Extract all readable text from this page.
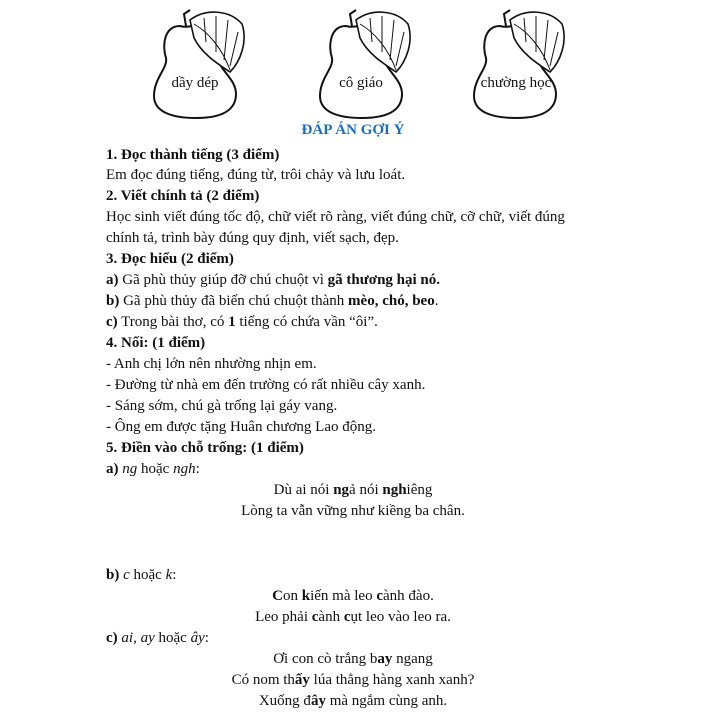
dầy dép	cô giáo	chường học
ĐÁP ÁN GỢI Ý
1. Đọc thành tiếng (3 điểm)
Em đọc đúng tiếng, đúng từ, trôi chảy và lưu loát.
2. Viết chính tả (2 điểm)
Học sinh viết đúng tốc độ, chữ viết rõ ràng, viết đúng chữ, cỡ chữ, viết đúng
chính tả, trình bày đúng quy định, viết sạch, đẹp.
3. Đọc hiểu (2 điểm)
a) Gã phù thủy giúp đỡ chú chuột vì gã thương hại nó.
b) Gã phù thủy đã biến chú chuột thành mèo, chó, beo.
c) Trong bài thơ, có 1 tiếng có chứa vần “ôi”.
4. Nối: (1 điểm)
- Anh chị lớn nên nhường nhịn em.
- Đường từ nhà em đến trường có rất nhiều cây xanh.
- Sáng sớm, chú gà trống lại gáy vang.
- Ông em được tặng Huân chương Lao động.
5. Điền vào chỗ trống: (1 điểm)
a) ng hoặc ngh:
Dù ai nói ngả nói nghiêng
Lòng ta vẫn vững như kiềng ba chân.
b) c hoặc k:
Con kiến mà leo cành đào.
Leo phải cành cụt leo vào leo ra.
c) ai, ay hoặc ây:
Ơi con cò trắng bay ngang
Có nom thấy lúa thẳng hàng xanh xanh?
Xuống đây mà ngắm cùng anh.
